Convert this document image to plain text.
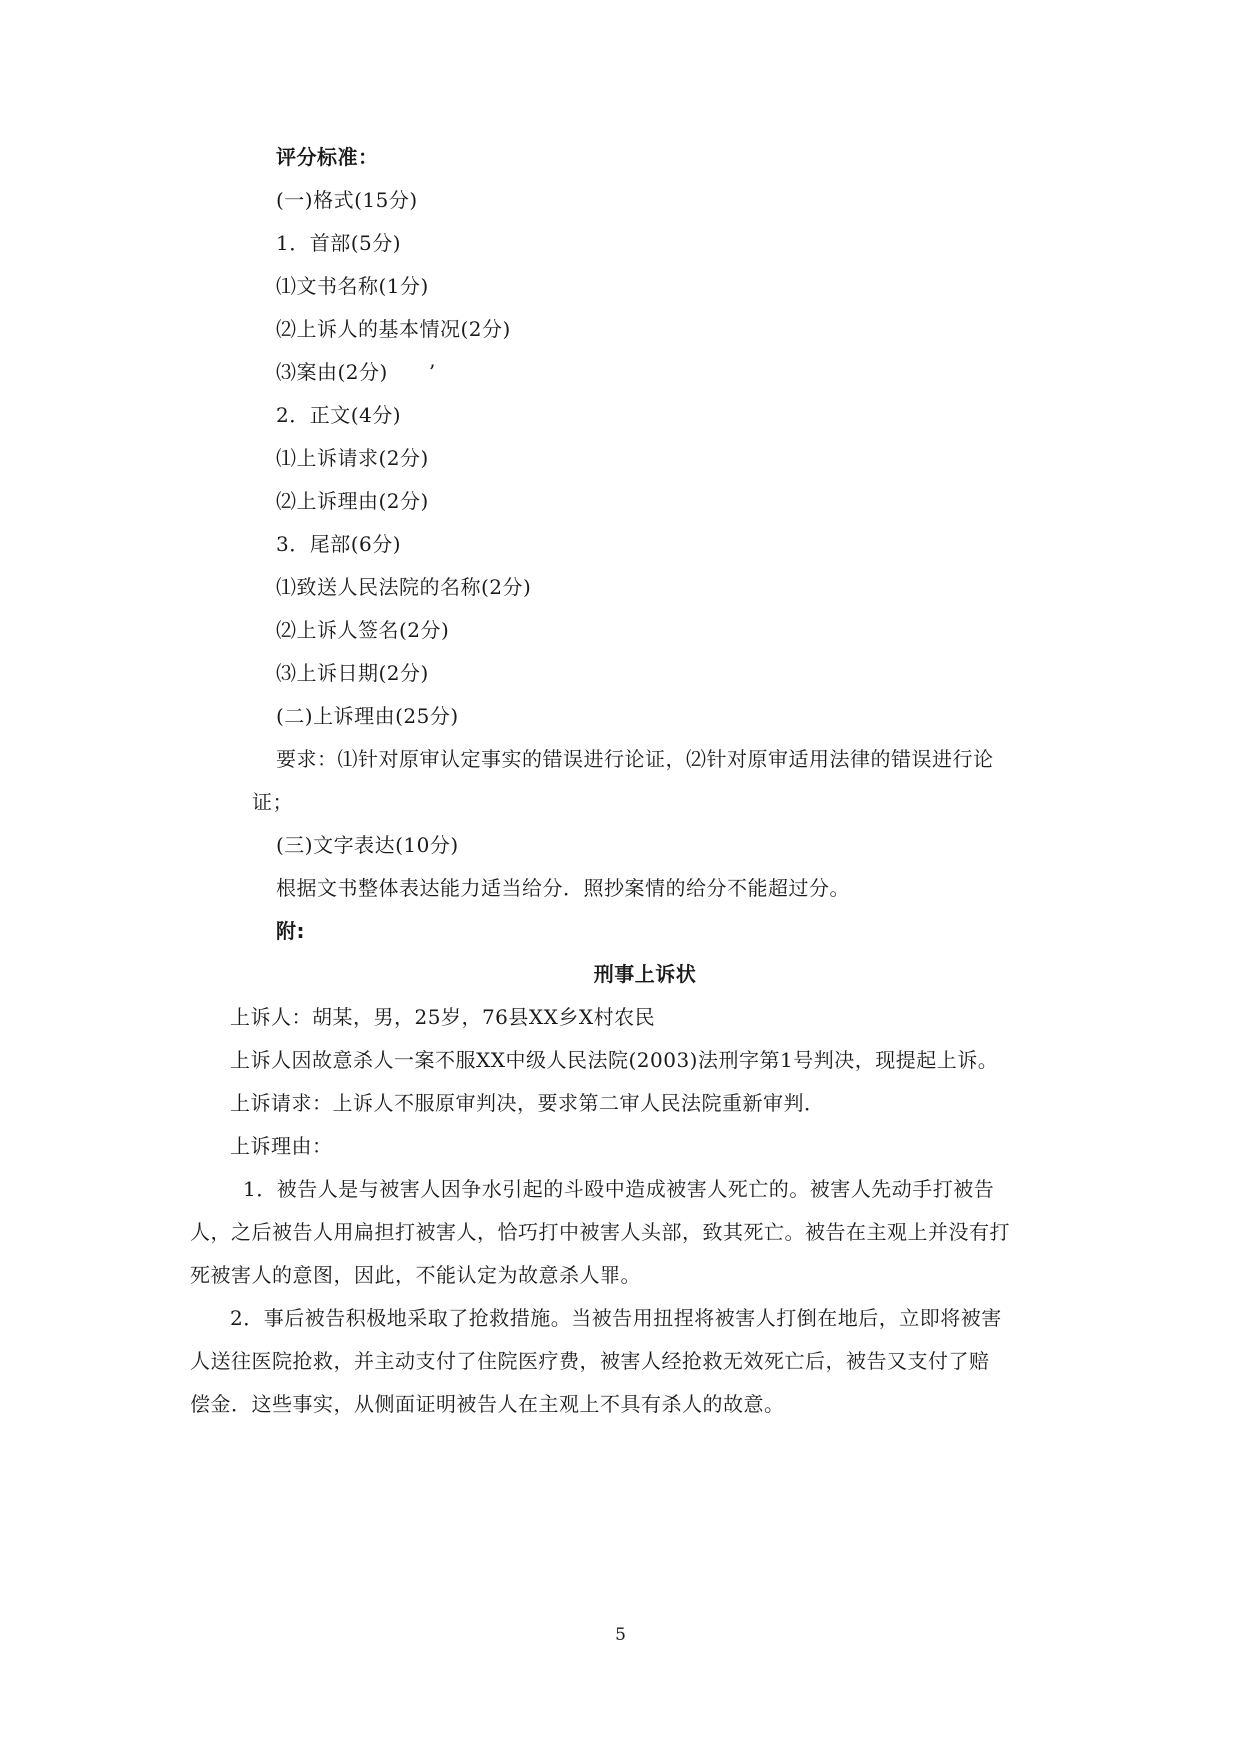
评分标准：
(一)格式(15分)
1．首部(5分)
⑴文书名称(1分)
⑵上诉人的基本情况(2分)
⑶案由(2分)　　’
2．正文(4分)
⑴上诉请求(2分)
⑵上诉理由(2分)
3．尾部(6分)
⑴致送人民法院的名称(2分)
⑵上诉人签名(2分)
⑶上诉日期(2分)
(二)上诉理由(25分)
要求：⑴针对原审认定事实的错误进行论证，⑵针对原审适用法律的错误进行论
证；
(三)文字表达(10分)
根据文书整体表达能力适当给分．照抄案情的给分不能超过分。
附:
刑事上诉状
上诉人：胡某，男，25岁，76县XX乡X村农民
上诉人因故意杀人一案不服XX中级人民法院(2003)法刑字第1号判决，现提起上诉。
上诉请求：上诉人不服原审判决，要求第二审人民法院重新审判．
上诉理由：
1．被告人是与被害人因争水引起的斗殴中造成被害人死亡的。被害人先动手打被告
人，之后被告人用扁担打被害人，恰巧打中被害人头部，致其死亡。被告在主观上并没有打
死被害人的意图，因此，不能认定为故意杀人罪。
2．事后被告积极地采取了抢救措施。当被告用扭捏将被害人打倒在地后，立即将被害
人送往医院抢救，并主动支付了住院医疗费，被害人经抢救无效死亡后，被告又支付了赔
偿金．这些事实，从侧面证明被告人在主观上不具有杀人的故意。
5
